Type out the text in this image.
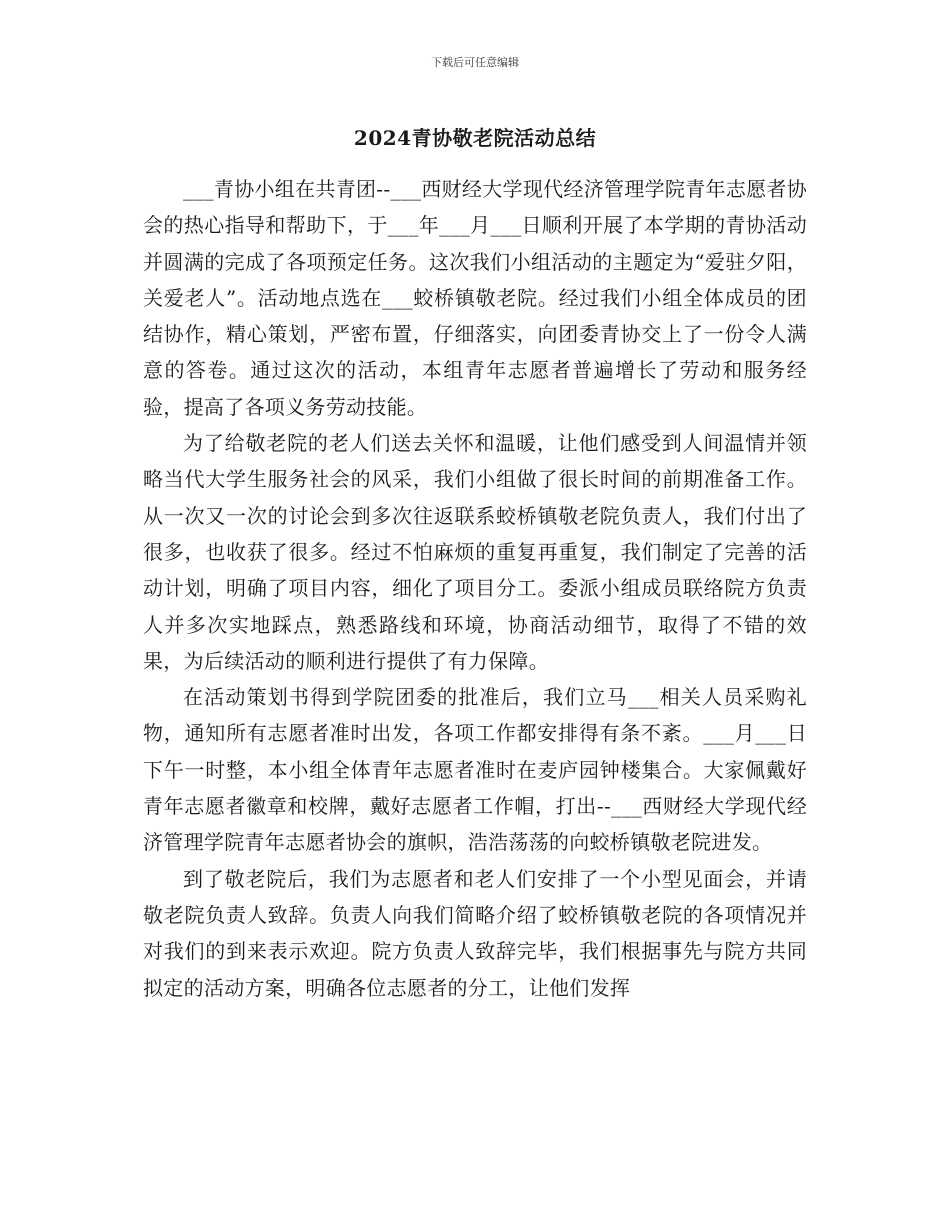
下载后可任意编辑
2024青协敬老院活动总结

___青协小组在共青团--___西财经大学现代经济管理学院青年志愿者协会的热心指导和帮助下，于___年___月___日顺利开展了本学期的青协活动并圆满的完成了各项预定任务。这次我们小组活动的主题定为“爱驻夕阳，关爱老人”。活动地点选在___蛟桥镇敬老院。经过我们小组全体成员的团结协作，精心策划，严密布置，仔细落实，向团委青协交上了一份令人满意的答卷。通过这次的活动，本组青年志愿者普遍增长了劳动和服务经验，提高了各项义务劳动技能。

为了给敬老院的老人们送去关怀和温暖，让他们感受到人间温情并领略当代大学生服务社会的风采，我们小组做了很长时间的前期准备工作。从一次又一次的讨论会到多次往返联系蛟桥镇敬老院负责人，我们付出了很多，也收获了很多。经过不怕麻烦的重复再重复，我们制定了完善的活动计划，明确了项目内容，细化了项目分工。委派小组成员联络院方负责人并多次实地踩点，熟悉路线和环境，协商活动细节，取得了不错的效果，为后续活动的顺利进行提供了有力保障。

在活动策划书得到学院团委的批准后，我们立马___相关人员采购礼物，通知所有志愿者准时出发，各项工作都安排得有条不紊。___月___日下午一时整，本小组全体青年志愿者准时在麦庐园钟楼集合。大家佩戴好青年志愿者徽章和校牌，戴好志愿者工作帽，打出--___西财经大学现代经济管理学院青年志愿者协会的旗帜，浩浩荡荡的向蛟桥镇敬老院进发。

到了敬老院后，我们为志愿者和老人们安排了一个小型见面会，并请敬老院负责人致辞。负责人向我们简略介绍了蛟桥镇敬老院的各项情况并对我们的到来表示欢迎。院方负责人致辞完毕，我们根据事先与院方共同拟定的活动方案，明确各位志愿者的分工，让他们发挥
